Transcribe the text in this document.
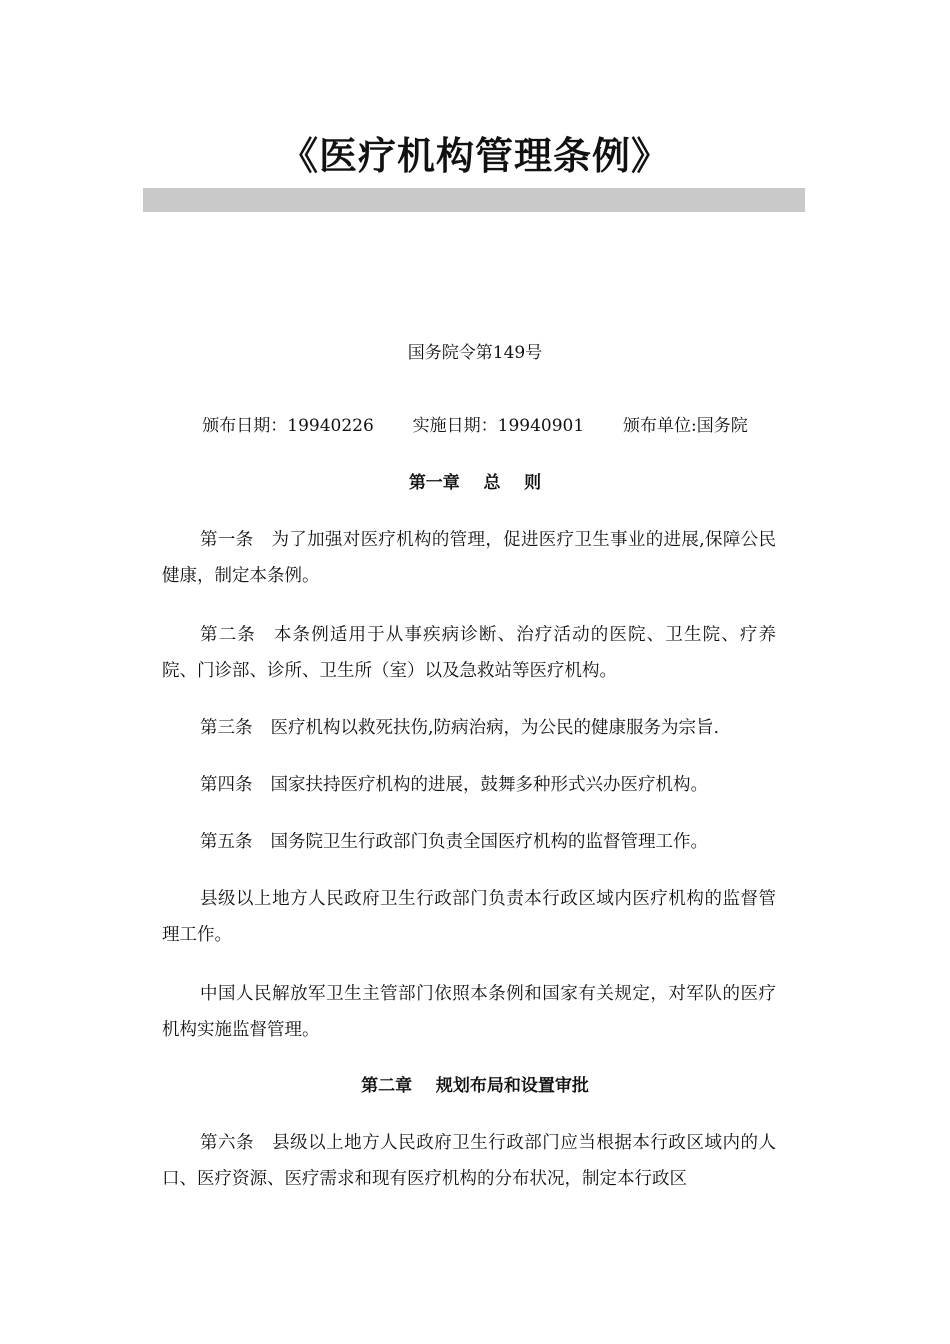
《医疗机构管理条例》
国务院令第149号
颁布日期：19940226 实施日期：19940901 颁布单位:国务院
第一章    总    则
第一条 为了加强对医疗机构的管理，促进医疗卫生事业的进展,保障公民健康，制定本条例。
第二条 本条例适用于从事疾病诊断、治疗活动的医院、卫生院、疗养院、门诊部、诊所、卫生所（室）以及急救站等医疗机构。
第三条 医疗机构以救死扶伤,防病治病，为公民的健康服务为宗旨.
第四条 国家扶持医疗机构的进展，鼓舞多种形式兴办医疗机构。
第五条 国务院卫生行政部门负责全国医疗机构的监督管理工作。
县级以上地方人民政府卫生行政部门负责本行政区域内医疗机构的监督管理工作。
中国人民解放军卫生主管部门依照本条例和国家有关规定，对军队的医疗机构实施监督管理。
第二章    规划布局和设置审批
第六条 县级以上地方人民政府卫生行政部门应当根据本行政区域内的人口、医疗资源、医疗需求和现有医疗机构的分布状况，制定本行政区
